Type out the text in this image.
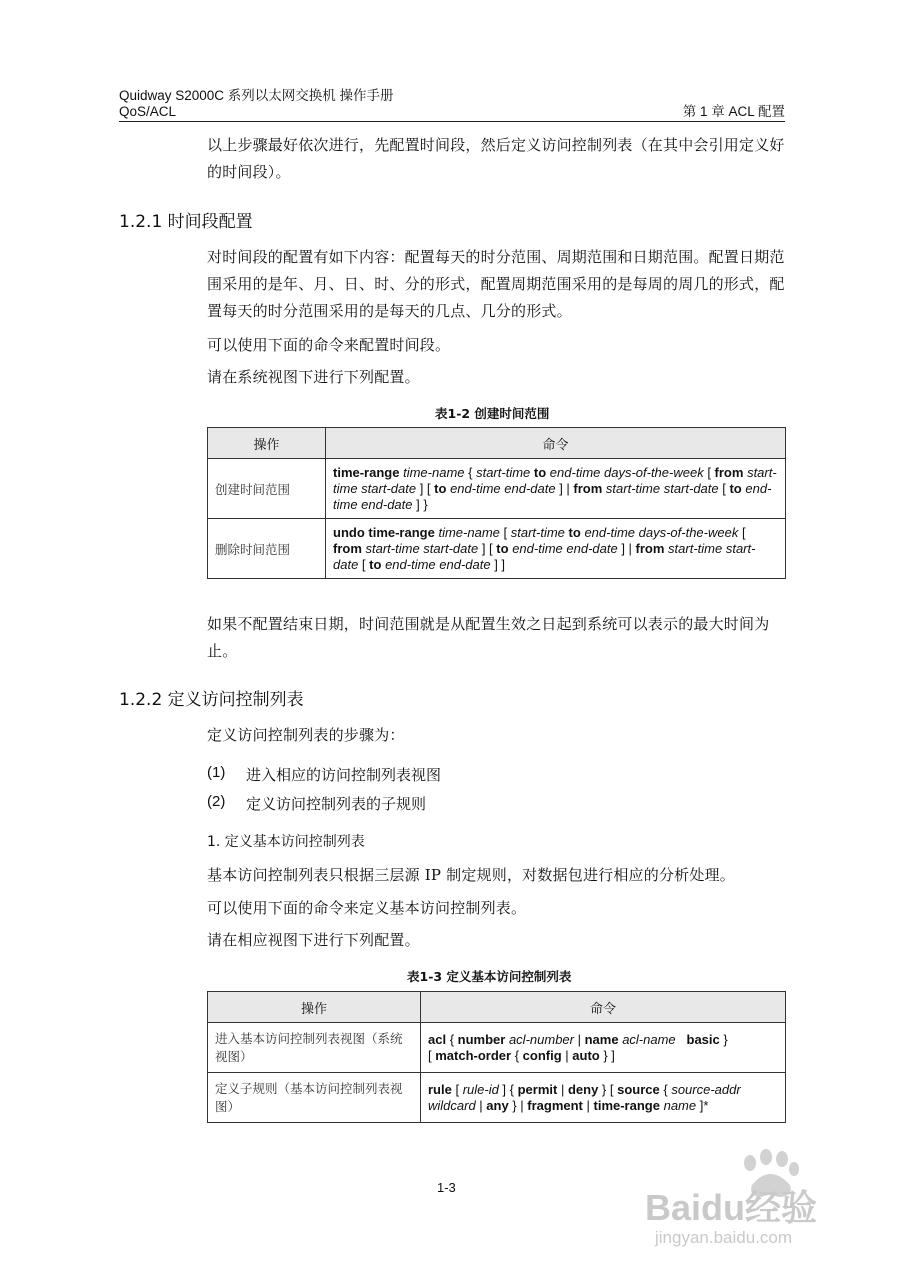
Quidway S2000C 系列以太网交换机 操作手册
QoS/ACL	第 1 章 ACL 配置
以上步骤最好依次进行，先配置时间段，然后定义访问控制列表（在其中会引用定义好的时间段）。
1.2.1 时间段配置
对时间段的配置有如下内容：配置每天的时分范围、周期范围和日期范围。配置日期范围采用的是年、月、日、时、分的形式，配置周期范围采用的是每周的周几的形式，配置每天的时分范围采用的是每天的几点、几分的形式。
可以使用下面的命令来配置时间段。
请在系统视图下进行下列配置。
表1-2 创建时间范围
操作	命令
创建时间范围	time-range time-name { start-time to end-time days-of-the-week [ from start-time start-date ] [ to end-time end-date ] | from start-time start-date [ to end-time end-date ] }
删除时间范围	undo time-range time-name [ start-time to end-time days-of-the-week [ from start-time start-date ] [ to end-time end-date ] | from start-time start-date [ to end-time end-date ] ]
如果不配置结束日期，时间范围就是从配置生效之日起到系统可以表示的最大时间为止。
1.2.2 定义访问控制列表
定义访问控制列表的步骤为：
(1) 进入相应的访问控制列表视图
(2) 定义访问控制列表的子规则
1. 定义基本访问控制列表
基本访问控制列表只根据三层源 IP 制定规则，对数据包进行相应的分析处理。
可以使用下面的命令来定义基本访问控制列表。
请在相应视图下进行下列配置。
表1-3 定义基本访问控制列表
操作	命令
进入基本访问控制列表视图（系统视图）	acl { number acl-number | name acl-name basic }
[ match-order { config | auto } ]
定义子规则（基本访问控制列表视图）	rule [ rule-id ] { permit | deny } [ source { source-addr wildcard | any } | fragment | time-range name ]*
1-3	Baidu经验
jingyan.baidu.com
